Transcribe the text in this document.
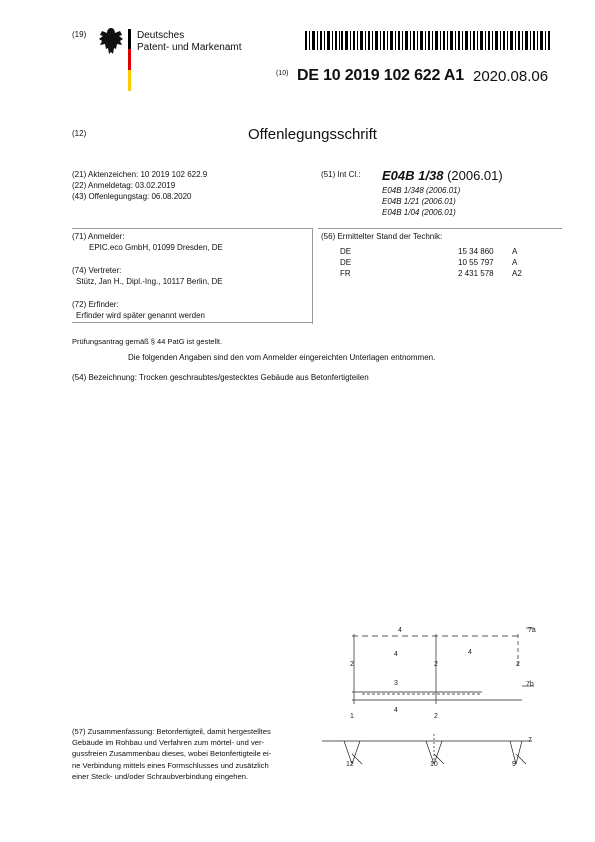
(19)	Deutsches
Patent- und Markenamt
(10) DE 10 2019 102 622 A1 2020.08.06
(12)	Offenlegungsschrift
(21) Aktenzeichen: 10 2019 102 622.9
(22) Anmeldetag: 03.02.2019
(43) Offenlegungstag: 06.08.2020
(51) Int Cl.: E04B 1/38 (2006.01)
E04B 1/348 (2006.01)
E04B 1/21 (2006.01)
E04B 1/04 (2006.01)
(71) Anmelder:
EPIC.eco GmbH, 01099 Dresden, DE
(74) Vertreter:
Stütz, Jan H., Dipl.-Ing., 10117 Berlin, DE
(72) Erfinder:
Erfinder wird später genannt werden
(56) Ermittelter Stand der Technik:
DE	15 34 860 A
DE	10 55 797 A
FR	2 431 578 A2
Prüfungsantrag gemäß § 44 PatG ist gestellt.
Die folgenden Angaben sind den vom Anmelder eingereichten Unterlagen entnommen.
(54) Bezeichnung: Trocken geschraubtes/gestecktes Gebäude aus Betonfertigteilen
(57) Zusammenfassung: Betonfertigteil, damit hergestelltes
Gebäude im Rohbau und Verfahren zum mörtel- und ver-
gussfreien Zusammenbau dieses, wobei Betonfertigteile ei-
ne Verbindung mittels eines Formschlusses und zusätzlich
einer Steck- und/oder Schraubverbindung eingehen.
4	4
4
3
2	2	2
4
2
7a
7b
12	10	9
7
1
